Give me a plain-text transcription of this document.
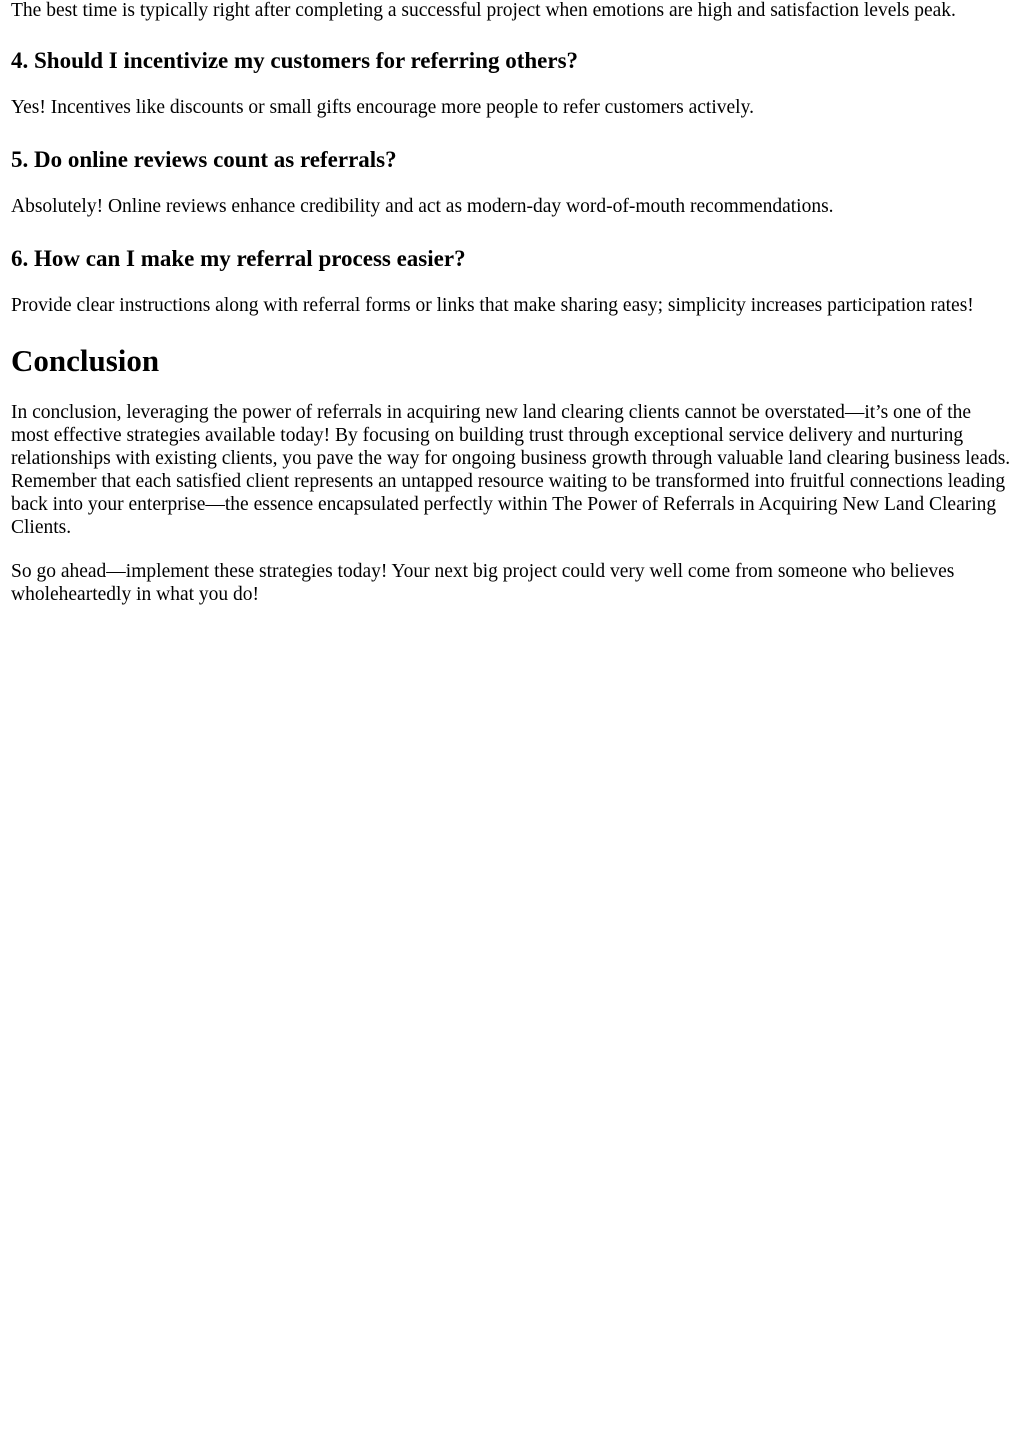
The best time is typically right after completing a successful project when emotions are high and satisfaction levels peak.

4. Should I incentivize my customers for referring others?

Yes! Incentives like discounts or small gifts encourage more people to refer customers actively.

5. Do online reviews count as referrals?

Absolutely! Online reviews enhance credibility and act as modern-day word-of-mouth recommendations.

6. How can I make my referral process easier?

Provide clear instructions along with referral forms or links that make sharing easy; simplicity increases participation rates!

Conclusion

In conclusion, leveraging the power of referrals in acquiring new land clearing clients cannot be overstated—it’s one of the most effective strategies available today! By focusing on building trust through exceptional service delivery and nurturing relationships with existing clients, you pave the way for ongoing business growth through valuable land clearing business leads. Remember that each satisfied client represents an untapped resource waiting to be transformed into fruitful connections leading back into your enterprise—the essence encapsulated perfectly within The Power of Referrals in Acquiring New Land Clearing Clients.

So go ahead—implement these strategies today! Your next big project could very well come from someone who believes wholeheartedly in what you do!
